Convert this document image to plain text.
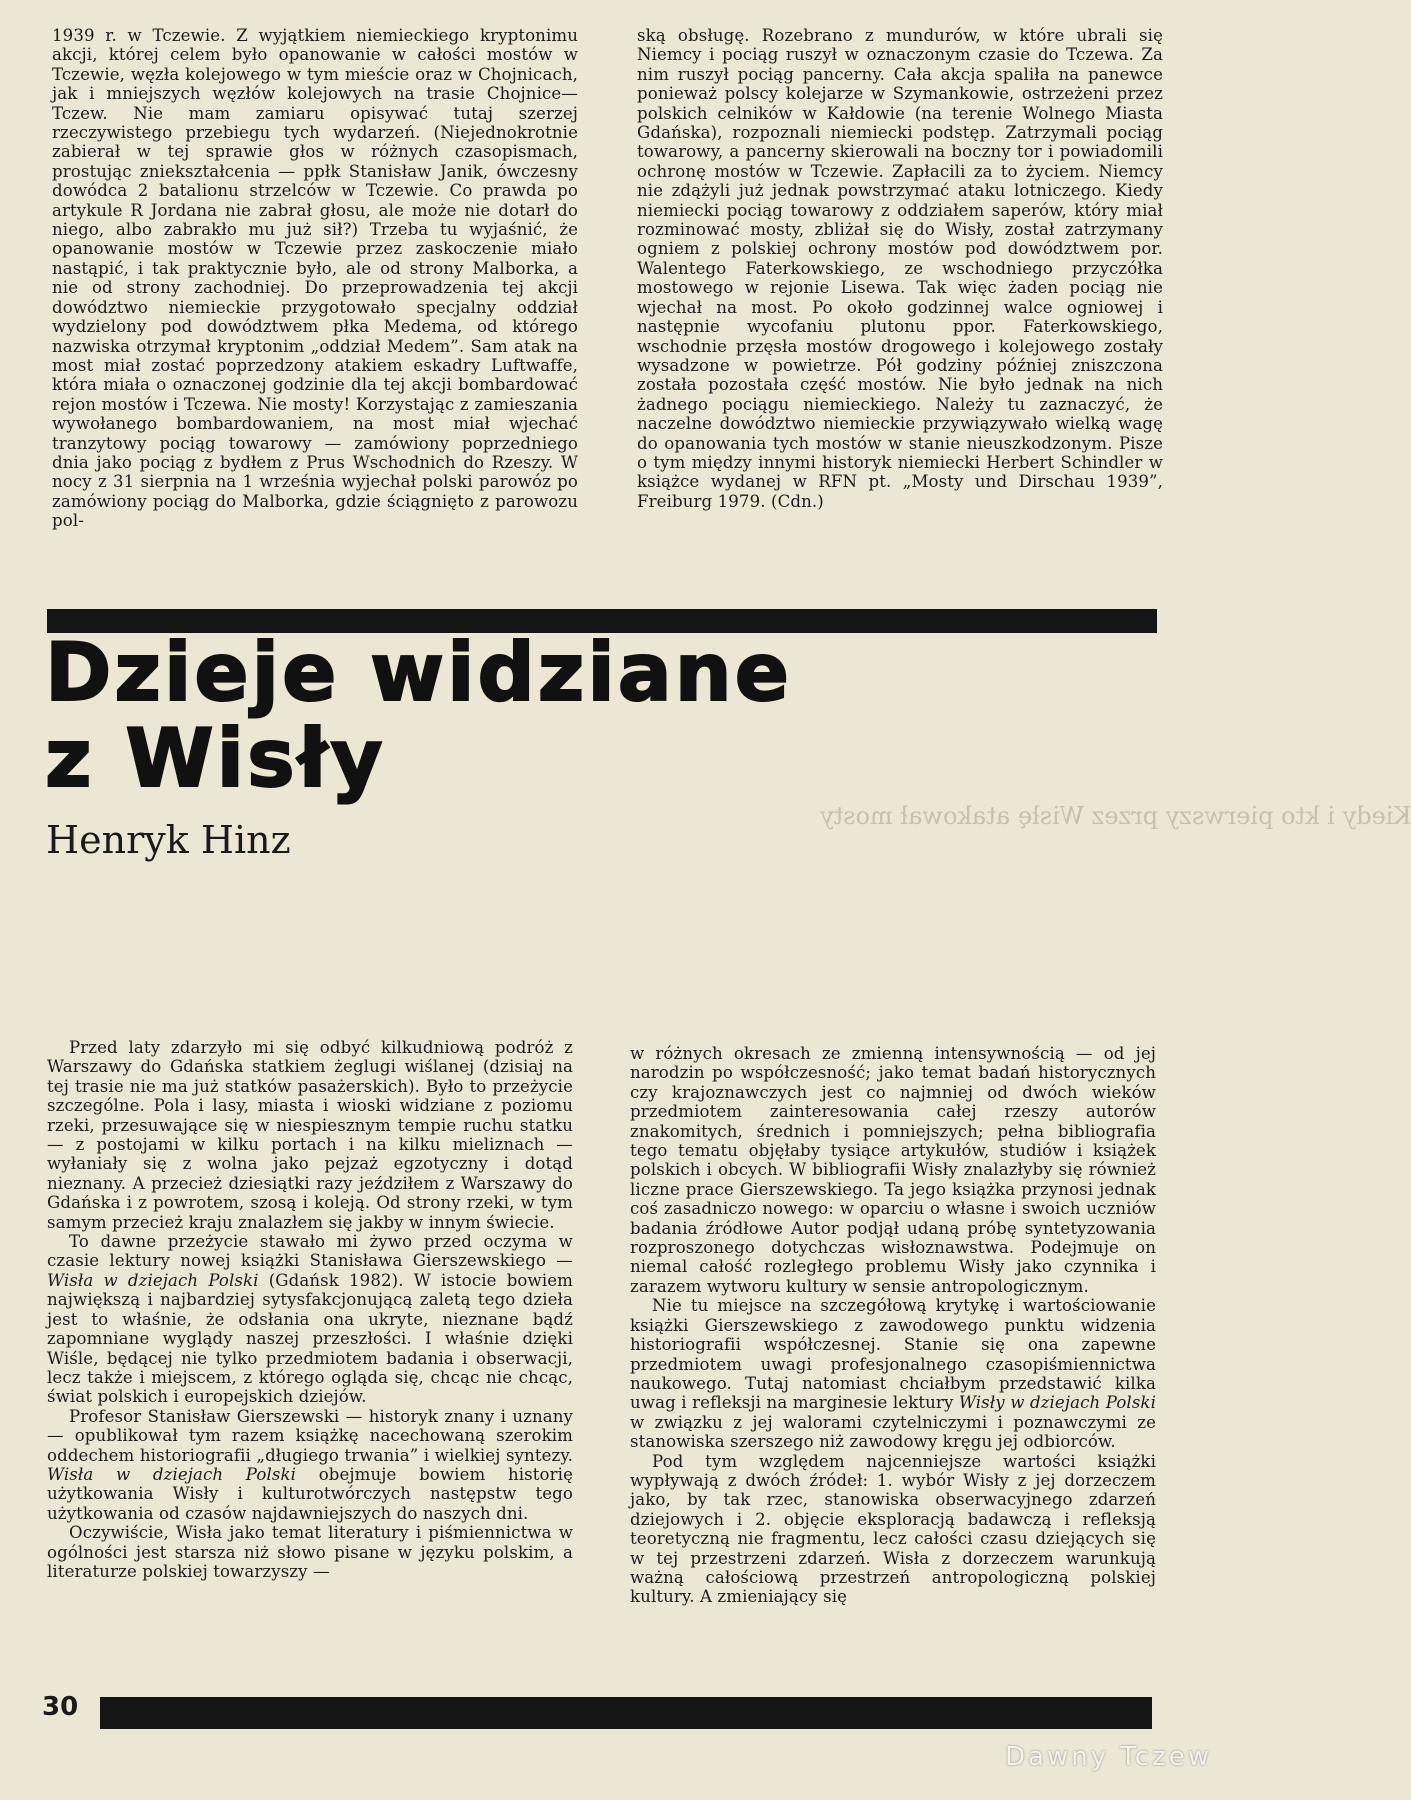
1939 r. w Tczewie. Z wyjątkiem niemieckiego kryptonimu akcji, której celem było opanowanie w całości mostów w Tczewie, węzła kolejowego w tym mieście oraz w Chojnicach, jak i mniejszych węzłów kolejowych na trasie Chojnice—Tczew. Nie mam zamiaru opisywać tutaj szerzej rzeczywistego przebiegu tych wydarzeń. (Niejednokrotnie zabierał w tej sprawie głos w różnych czasopismach, prostując zniekształcenia — ppłk Stanisław Janik, ówczesny dowódca 2 batalionu strzelców w Tczewie. Co prawda po artykule R Jordana nie zabrał głosu, ale może nie dotarł do niego, albo zabrakło mu już sił?) Trzeba tu wyjaśnić, że opanowanie mostów w Tczewie przez zaskoczenie miało nastąpić, i tak praktycznie było, ale od strony Malborka, a nie od strony zachodniej. Do przeprowadzenia tej akcji dowództwo niemieckie przygotowało specjalny oddział wydzielony pod dowództwem płka Medema, od którego nazwiska otrzymał kryptonim „oddział Medem”. Sam atak na most miał zostać poprzedzony atakiem eskadry Luftwaffe, która miała o oznaczonej godzinie dla tej akcji bombardować rejon mostów i Tczewa. Nie mosty! Korzystając z zamieszania wywołanego bombardowaniem, na most miał wjechać tranzytowy pociąg towarowy — zamówiony poprzedniego dnia jako pociąg z bydłem z Prus Wschodnich do Rzeszy. W nocy z 31 sierpnia na 1 września wyjechał polski parowóz po zamówiony pociąg do Malborka, gdzie ściągnięto z parowozu pol-

ską obsługę. Rozebrano z mundurów, w które ubrali się Niemcy i pociąg ruszył w oznaczonym czasie do Tczewa. Za nim ruszył pociąg pancerny. Cała akcja spaliła na panewce ponieważ polscy kolejarze w Szymankowie, ostrzeżeni przez polskich celników w Kałdowie (na terenie Wolnego Miasta Gdańska), rozpoznali niemiecki podstęp. Zatrzymali pociąg towarowy, a pancerny skierowali na boczny tor i powiadomili ochronę mostów w Tczewie. Zapłacili za to życiem. Niemcy nie zdążyli już jednak powstrzymać ataku lotniczego. Kiedy niemiecki pociąg towarowy z oddziałem saperów, który miał rozminować mosty, zbliżał się do Wisły, został zatrzymany ogniem z polskiej ochrony mostów pod dowództwem por. Walentego Faterkowskiego, ze wschodniego przyczółka mostowego w rejonie Lisewa. Tak więc żaden pociąg nie wjechał na most. Po około godzinnej walce ogniowej i następnie wycofaniu plutonu ppor. Faterkowskiego, wschodnie przęsła mostów drogowego i kolejowego zostały wysadzone w powietrze. Pół godziny później zniszczona została pozostała część mostów. Nie było jednak na nich żadnego pociągu niemieckiego. Należy tu zaznaczyć, że naczelne dowództwo niemieckie przywiązywało wielką wagę do opanowania tych mostów w stanie nieuszkodzonym. Pisze o tym między innymi historyk niemiecki Herbert Schindler w książce wydanej w RFN pt. „Mosty und Dirschau 1939”, Freiburg 1979. (Cdn.)

Dzieje widziane
z Wisły
Kiedy i kto pierwszy przez Wisłę atakował mosty
Henryk Hinz

Przed laty zdarzyło mi się odbyć kilkudniową podróż z Warszawy do Gdańska statkiem żeglugi wiślanej (dzisiaj na tej trasie nie ma już statków pasażerskich). Było to przeżycie szczególne. Pola i lasy, miasta i wioski widziane z poziomu rzeki, przesuwające się w niespiesznym tempie ruchu statku — z postojami w kilku portach i na kilku mieliznach — wyłaniały się z wolna jako pejzaż egzotyczny i dotąd nieznany. A przecież dziesiątki razy jeździłem z Warszawy do Gdańska i z powrotem, szosą i koleją. Od strony rzeki, w tym samym przecież kraju znalazłem się jakby w innym świecie.

To dawne przeżycie stawało mi żywo przed oczyma w czasie lektury nowej książki Stanisława Gierszewskiego — Wisła w dziejach Polski (Gdańsk 1982). W istocie bowiem największą i najbardziej sytysfakcjonującą zaletą tego dzieła jest to właśnie, że odsłania ona ukryte, nieznane bądź zapomniane wyglądy naszej przeszłości. I właśnie dzięki Wiśle, będącej nie tylko przedmiotem badania i obserwacji, lecz także i miejscem, z którego ogląda się, chcąc nie chcąc, świat polskich i europejskich dziejów.

Profesor Stanisław Gierszewski — historyk znany i uznany — opublikował tym razem książkę nacechowaną szerokim oddechem historiografii „długiego trwania” i wielkiej syntezy. Wisła w dziejach Polski obejmuje bowiem historię użytkowania Wisły i kulturotwórczych następstw tego użytkowania od czasów najdawniejszych do naszych dni.

Oczywiście, Wisła jako temat literatury i piśmiennictwa w ogólności jest starsza niż słowo pisane w języku polskim, a literaturze polskiej towarzyszy —

w różnych okresach ze zmienną intensywnością — od jej narodzin po współczesność; jako temat badań historycznych czy krajoznawczych jest co najmniej od dwóch wieków przedmiotem zainteresowania całej rzeszy autorów znakomitych, średnich i pomniejszych; pełna bibliografia tego tematu objęłaby tysiące artykułów, studiów i książek polskich i obcych. W bibliografii Wisły znalazłyby się również liczne prace Gierszewskiego. Ta jego książka przynosi jednak coś zasadniczo nowego: w oparciu o własne i swoich uczniów badania źródłowe Autor podjął udaną próbę syntetyzowania rozproszonego dotychczas wisłoznawstwa. Podejmuje on niemal całość rozległego problemu Wisły jako czynnika i zarazem wytworu kultury w sensie antropologicznym.

Nie tu miejsce na szczegółową krytykę i wartościowanie książki Gierszewskiego z zawodowego punktu widzenia historiografii współczesnej. Stanie się ona zapewne przedmiotem uwagi profesjonalnego czasopiśmiennictwa naukowego. Tutaj natomiast chciałbym przedstawić kilka uwag i refleksji na marginesie lektury Wisły w dziejach Polski w związku z jej walorami czytelniczymi i poznawczymi ze stanowiska szerszego niż zawodowy kręgu jej odbiorców.

Pod tym względem najcenniejsze wartości książki wypływają z dwóch źródeł: 1. wybór Wisły z jej dorzeczem jako, by tak rzec, stanowiska obserwacyjnego zdarzeń dziejowych i 2. objęcie eksploracją badawczą i refleksją teoretyczną nie fragmentu, lecz całości czasu dziejących się w tej przestrzeni zdarzeń. Wisła z dorzeczem warunkują ważną całościową przestrzeń antropologiczną polskiej kultury. A zmieniający się

30
Dawny Tczew
